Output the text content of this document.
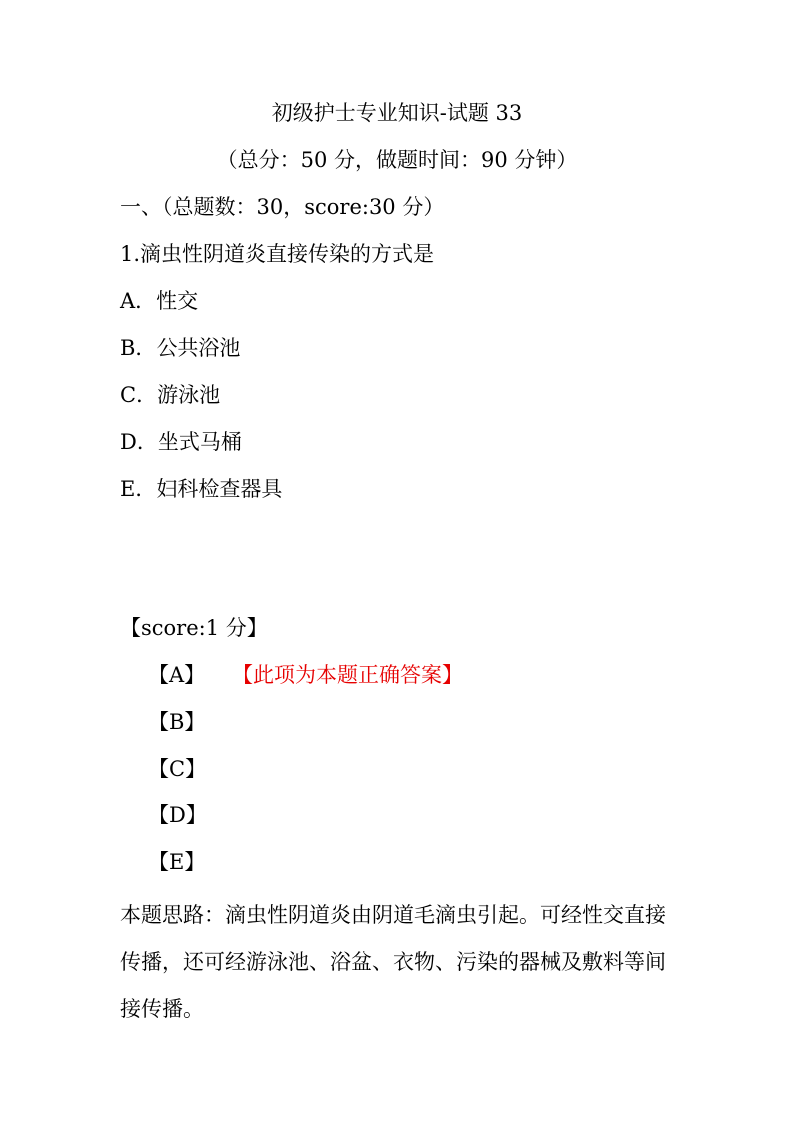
初级护士专业知识-试题 33
（总分：50 分，做题时间：90 分钟）
一、（总题数：30，score:30 分）
1.滴虫性阴道炎直接传染的方式是
A．性交
B．公共浴池
C．游泳池
D．坐式马桶
E．妇科检查器具
【score:1 分】
【A】 【此项为本题正确答案】
【B】
【C】
【D】
【E】
本题思路：滴虫性阴道炎由阴道毛滴虫引起。可经性交直接传播，还可经游泳池、浴盆、衣物、污染的器械及敷料等间接传播。
